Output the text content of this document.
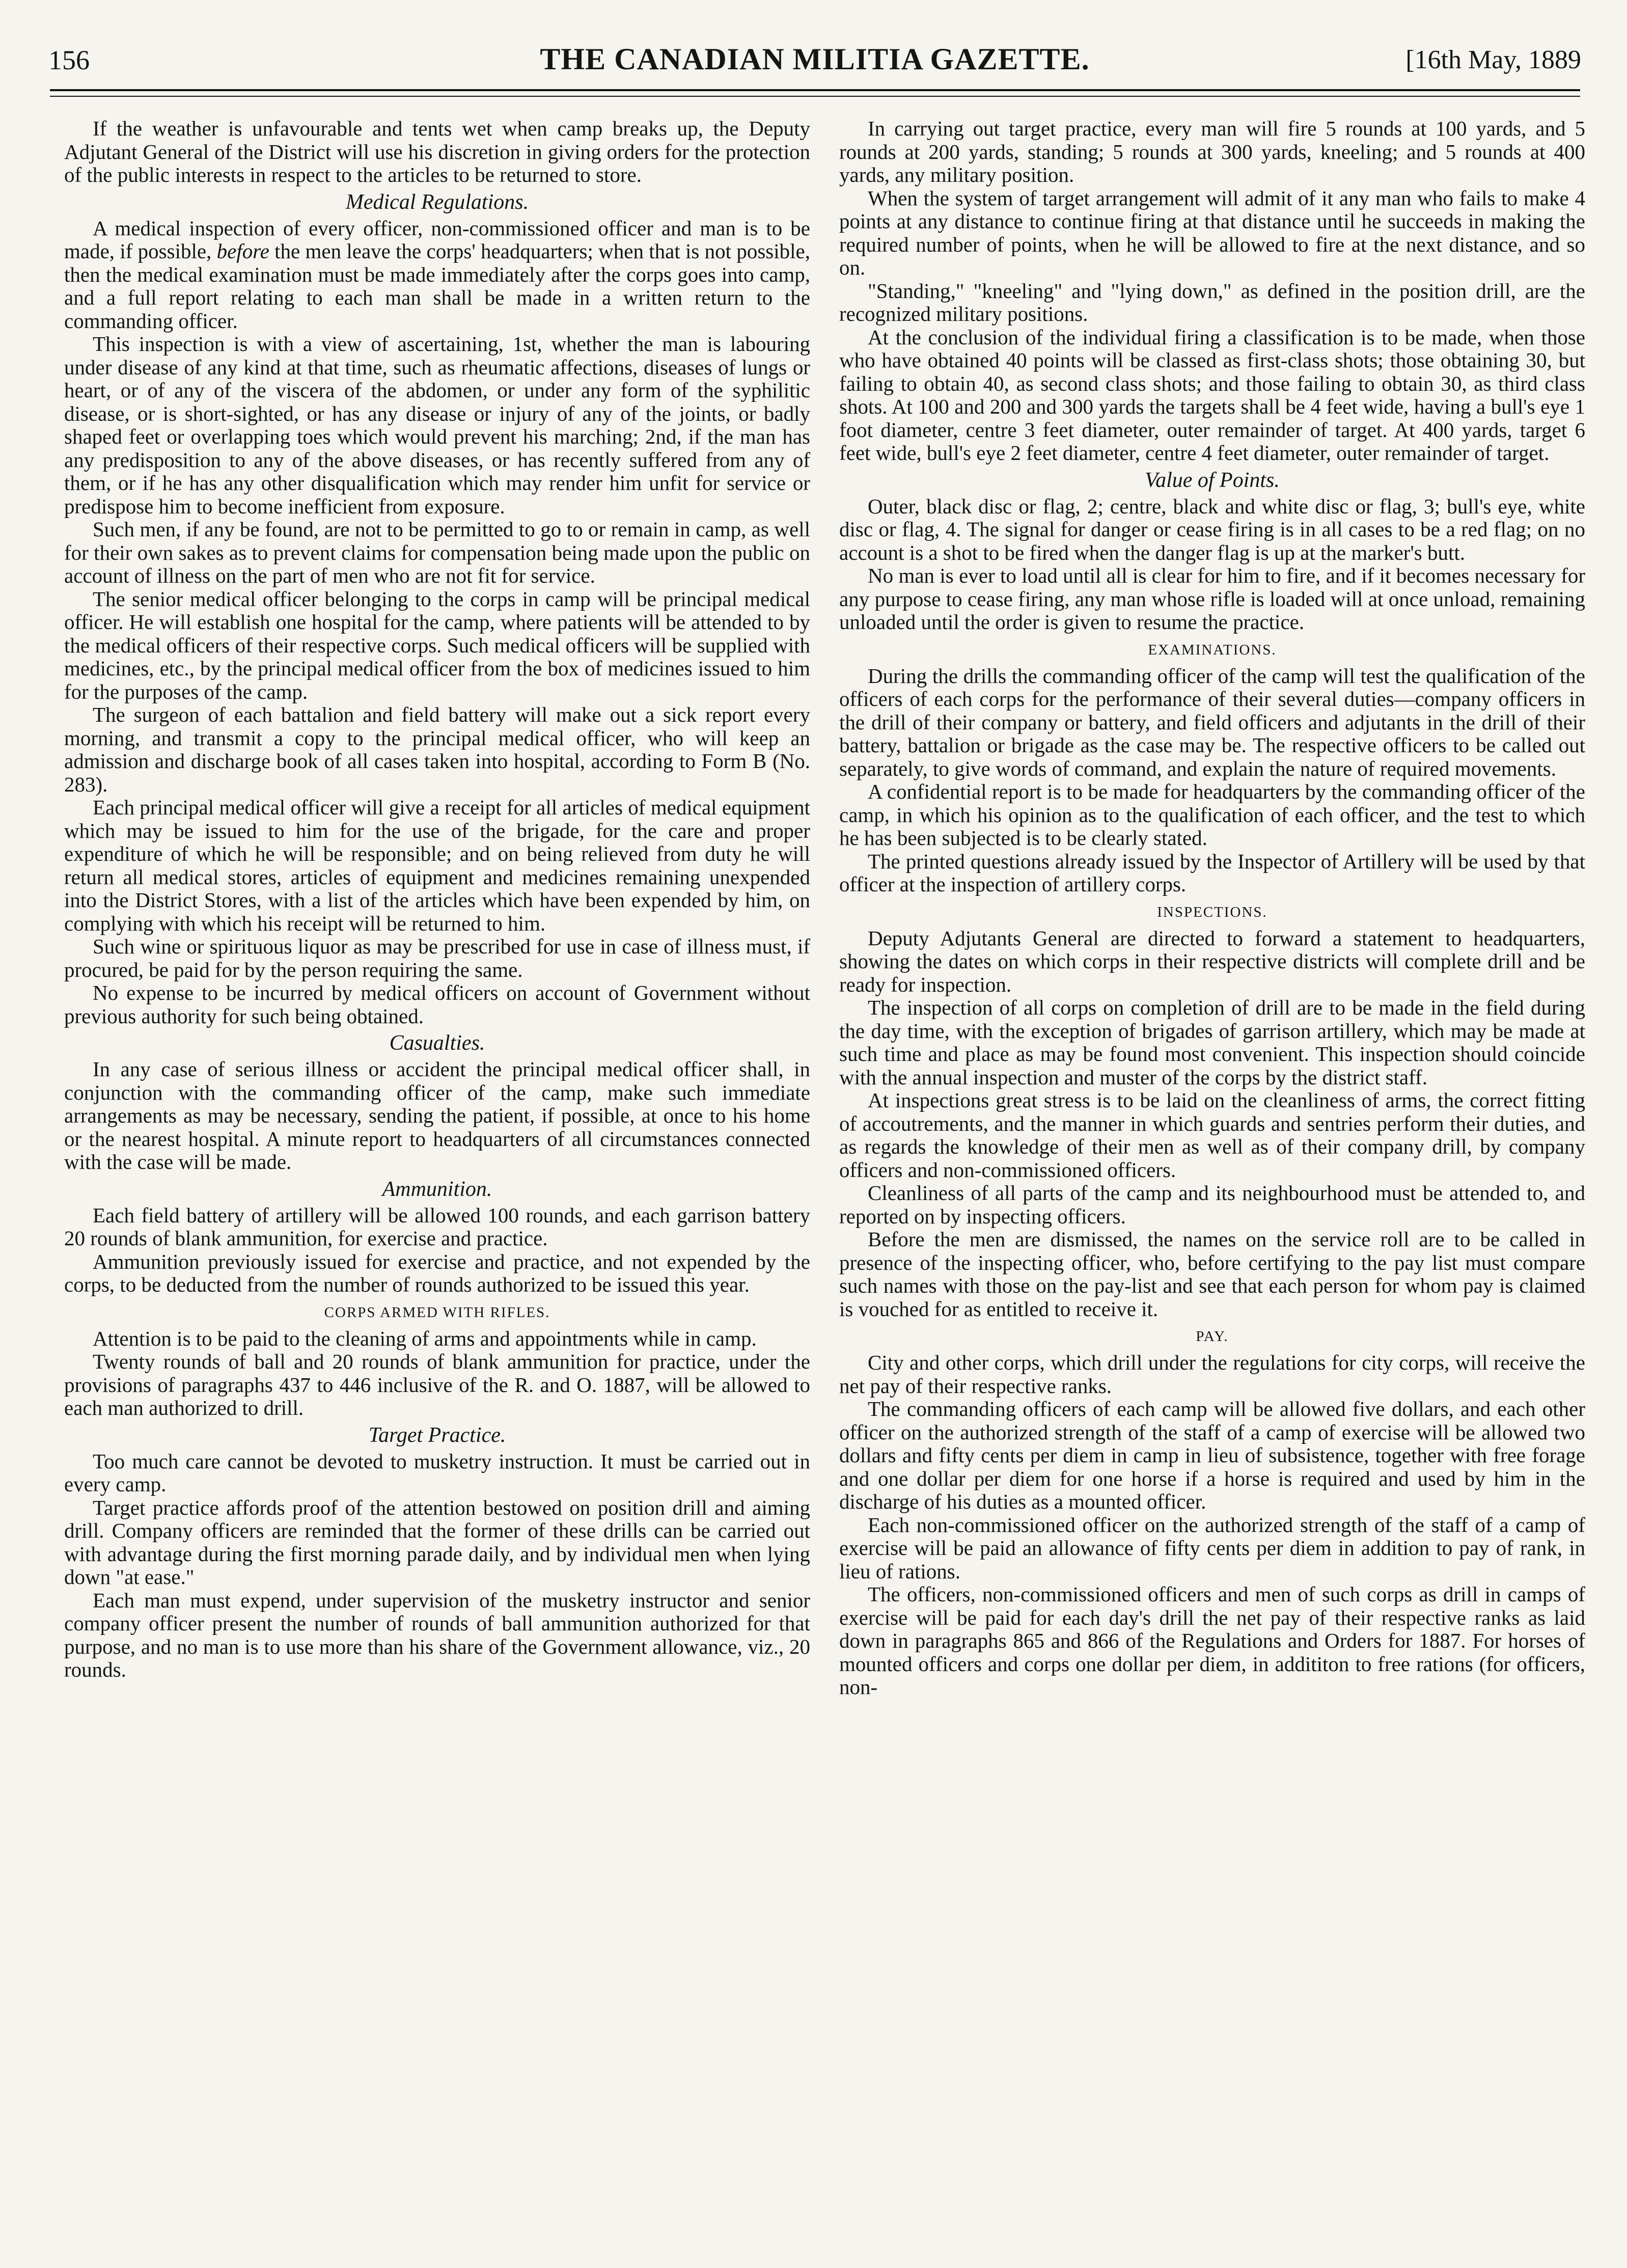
156	THE CANADIAN MILITIA GAZETTE.	[16th May, 1889

If the weather is unfavourable and tents wet when camp breaks up, the Deputy Adjutant General of the District will use his discretion in giving orders for the protection of the public interests in respect to the articles to be returned to store.

Medical Regulations.

A medical inspection of every officer, non-commissioned officer and man is to be made, if possible, before the men leave the corps' headquarters; when that is not possible, then the medical examination must be made immediately after the corps goes into camp, and a full report relating to each man shall be made in a written return to the commanding officer.

This inspection is with a view of ascertaining, 1st, whether the man is labouring under disease of any kind at that time, such as rheumatic affections, diseases of lungs or heart, or of any of the viscera of the abdomen, or under any form of the syphilitic disease, or is short-sighted, or has any disease or injury of any of the joints, or badly shaped feet or overlapping toes which would prevent his marching; 2nd, if the man has any predisposition to any of the above diseases, or has recently suffered from any of them, or if he has any other disqualification which may render him unfit for service or predispose him to become inefficient from exposure.

Such men, if any be found, are not to be permitted to go to or remain in camp, as well for their own sakes as to prevent claims for compensation being made upon the public on account of illness on the part of men who are not fit for service.

The senior medical officer belonging to the corps in camp will be principal medical officer. He will establish one hospital for the camp, where patients will be attended to by the medical officers of their respective corps. Such medical officers will be supplied with medicines, etc., by the principal medical officer from the box of medicines issued to him for the purposes of the camp.

The surgeon of each battalion and field battery will make out a sick report every morning, and transmit a copy to the principal medical officer, who will keep an admission and discharge book of all cases taken into hospital, according to Form B (No. 283).

Each principal medical officer will give a receipt for all articles of medical equipment which may be issued to him for the use of the brigade, for the care and proper expenditure of which he will be responsible; and on being relieved from duty he will return all medical stores, articles of equipment and medicines remaining unexpended into the District Stores, with a list of the articles which have been expended by him, on complying with which his receipt will be returned to him.

Such wine or spirituous liquor as may be prescribed for use in case of illness must, if procured, be paid for by the person requiring the same.

No expense to be incurred by medical officers on account of Government without previous authority for such being obtained.

Casualties.

In any case of serious illness or accident the principal medical officer shall, in conjunction with the commanding officer of the camp, make such immediate arrangements as may be necessary, sending the patient, if possible, at once to his home or the nearest hospital. A minute report to headquarters of all circumstances connected with the case will be made.

Ammunition.

Each field battery of artillery will be allowed 100 rounds, and each garrison battery 20 rounds of blank ammunition, for exercise and practice.

Ammunition previously issued for exercise and practice, and not expended by the corps, to be deducted from the number of rounds authorized to be issued this year.

CORPS ARMED WITH RIFLES.

Attention is to be paid to the cleaning of arms and appointments while in camp.

Twenty rounds of ball and 20 rounds of blank ammunition for practice, under the provisions of paragraphs 437 to 446 inclusive of the R. and O. 1887, will be allowed to each man authorized to drill.

Target Practice.

Too much care cannot be devoted to musketry instruction. It must be carried out in every camp.

Target practice affords proof of the attention bestowed on position drill and aiming drill. Company officers are reminded that the former of these drills can be carried out with advantage during the first morning parade daily, and by individual men when lying down "at ease."

Each man must expend, under supervision of the musketry instructor and senior company officer present the number of rounds of ball ammunition authorized for that purpose, and no man is to use more than his share of the Government allowance, viz., 20 rounds.

In carrying out target practice, every man will fire 5 rounds at 100 yards, and 5 rounds at 200 yards, standing; 5 rounds at 300 yards, kneeling; and 5 rounds at 400 yards, any military position.

When the system of target arrangement will admit of it any man who fails to make 4 points at any distance to continue firing at that distance until he succeeds in making the required number of points, when he will be allowed to fire at the next distance, and so on.

"Standing," "kneeling" and "lying down," as defined in the position drill, are the recognized military positions.

At the conclusion of the individual firing a classification is to be made, when those who have obtained 40 points will be classed as first-class shots; those obtaining 30, but failing to obtain 40, as second class shots; and those failing to obtain 30, as third class shots. At 100 and 200 and 300 yards the targets shall be 4 feet wide, having a bull's eye 1 foot diameter, centre 3 feet diameter, outer remainder of target. At 400 yards, target 6 feet wide, bull's eye 2 feet diameter, centre 4 feet diameter, outer remainder of target.

Value of Points.

Outer, black disc or flag, 2; centre, black and white disc or flag, 3; bull's eye, white disc or flag, 4. The signal for danger or cease firing is in all cases to be a red flag; on no account is a shot to be fired when the danger flag is up at the marker's butt.

No man is ever to load until all is clear for him to fire, and if it becomes necessary for any purpose to cease firing, any man whose rifle is loaded will at once unload, remaining unloaded until the order is given to resume the practice.

EXAMINATIONS.

During the drills the commanding officer of the camp will test the qualification of the officers of each corps for the performance of their several duties—company officers in the drill of their company or battery, and field officers and adjutants in the drill of their battery, battalion or brigade as the case may be. The respective officers to be called out separately, to give words of command, and explain the nature of required movements.

A confidential report is to be made for headquarters by the commanding officer of the camp, in which his opinion as to the qualification of each officer, and the test to which he has been subjected is to be clearly stated.

The printed questions already issued by the Inspector of Artillery will be used by that officer at the inspection of artillery corps.

INSPECTIONS.

Deputy Adjutants General are directed to forward a statement to headquarters, showing the dates on which corps in their respective districts will complete drill and be ready for inspection.

The inspection of all corps on completion of drill are to be made in the field during the day time, with the exception of brigades of garrison artillery, which may be made at such time and place as may be found most convenient. This inspection should coincide with the annual inspection and muster of the corps by the district staff.

At inspections great stress is to be laid on the cleanliness of arms, the correct fitting of accoutrements, and the manner in which guards and sentries perform their duties, and as regards the knowledge of their men as well as of their company drill, by company officers and non-commissioned officers.

Cleanliness of all parts of the camp and its neighbourhood must be attended to, and reported on by inspecting officers.

Before the men are dismissed, the names on the service roll are to be called in presence of the inspecting officer, who, before certifying to the pay list must compare such names with those on the pay-list and see that each person for whom pay is claimed is vouched for as entitled to receive it.

PAY.

City and other corps, which drill under the regulations for city corps, will receive the net pay of their respective ranks.

The commanding officers of each camp will be allowed five dollars, and each other officer on the authorized strength of the staff of a camp of exercise will be allowed two dollars and fifty cents per diem in camp in lieu of subsistence, together with free forage and one dollar per diem for one horse if a horse is required and used by him in the discharge of his duties as a mounted officer.

Each non-commissioned officer on the authorized strength of the staff of a camp of exercise will be paid an allowance of fifty cents per diem in addition to pay of rank, in lieu of rations.

The officers, non-commissioned officers and men of such corps as drill in camps of exercise will be paid for each day's drill the net pay of their respective ranks as laid down in paragraphs 865 and 866 of the Regulations and Orders for 1887. For horses of mounted officers and corps one dollar per diem, in addititon to free rations (for officers, non-
